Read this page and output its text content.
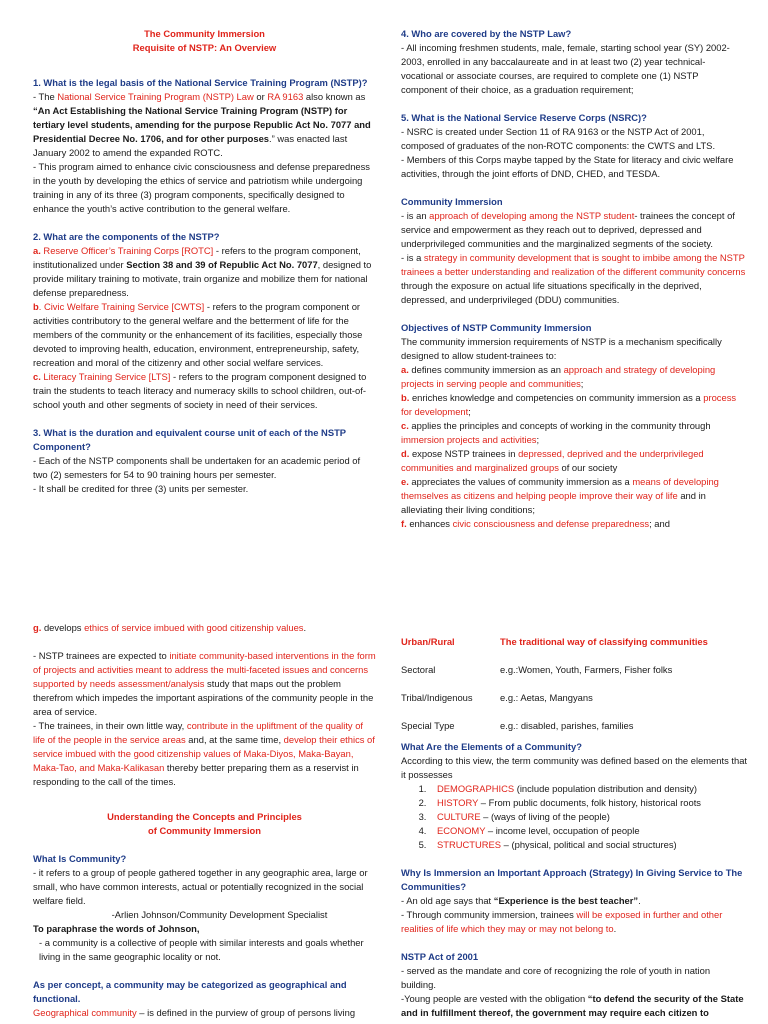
The Community Immersion

Requisite of NSTP: An Overview

1. What is the legal basis of the National Service Training Program (NSTP)?

- The National Service Training Program (NSTP) Law or RA 9163 also known as “An Act Establishing the National Service Training Program (NSTP) for tertiary level students, amending for the purpose Republic Act No. 7077 and Presidential Decree No. 1706, and for other purposes.” was enacted last January 2002 to amend the expanded ROTC.

- This program aimed to enhance civic consciousness and defense preparedness in the youth by developing the ethics of service and patriotism while undergoing training in any of its three (3) program components, specifically designed to enhance the youth’s active contribution to the general welfare.

2. What are the components of the NSTP?

a. Reserve Officer’s Training Corps [ROTC] - refers to the program component, institutionalized under Section 38 and 39 of Republic Act No. 7077, designed to provide military training to motivate, train organize and mobilize them for national defense preparedness.

b. Civic Welfare Training Service [CWTS] - refers to the program component or activities contributory to the general welfare and the betterment of life for the members of the community or the enhancement of its facilities, especially those devoted to improving health, education, environment, entrepreneurship, safety, recreation and moral of the citizenry and other social welfare services.

c. Literacy Training Service [LTS] - refers to the program component designed to train the students to teach literacy and numeracy skills to school children, out-of-school youth and other segments of society in need of their services.

3. What is the duration and equivalent course unit of each of the NSTP Component?

- Each of the NSTP components shall be undertaken for an academic period of two (2) semesters for 54 to 90 training hours per semester.

- It shall be credited for three (3) units per semester.

4. Who are covered by the NSTP Law?

- All incoming freshmen students, male, female, starting school year (SY) 2002-2003, enrolled in any baccalaureate and in at least two (2) year technical-vocational or associate courses, are required to complete one (1) NSTP component of their choice, as a graduation requirement;

5. What is the National Service Reserve Corps (NSRC)?

- NSRC is created under Section 11 of RA 9163 or the NSTP Act of 2001, composed of graduates of the non-ROTC components: the CWTS and LTS.

- Members of this Corps maybe tapped by the State for literacy and civic welfare activities, through the joint efforts of DND, CHED, and TESDA.

Community Immersion

- is an approach of developing among the NSTP student- trainees the concept of service and empowerment as they reach out to deprived, depressed and underprivileged communities and the marginalized segments of the society.

- is a strategy in community development that is sought to imbibe among the NSTP trainees a better understanding and realization of the different community concerns through the exposure on actual life situations specifically in the deprived, depressed, and underprivileged (DDU) communities.

Objectives of NSTP Community Immersion

The community immersion requirements of NSTP is a mechanism specifically designed to allow student-trainees to:

a. defines community immersion as an approach and strategy of developing projects in serving people and communities;

b. enriches knowledge and competencies on community immersion as a process for development;

c. applies the principles and concepts of working in the community through immersion projects and activities;

d. expose NSTP trainees in depressed, deprived and the underprivileged communities and marginalized groups of our society

e. appreciates the values of community immersion as a means of developing themselves as citizens and helping people improve their way of life and in alleviating their living conditions;

f. enhances civic consciousness and defense preparedness; and

g. develops ethics of service imbued with good citizenship values.

- NSTP trainees are expected to initiate community-based interventions in the form of projects and activities meant to address the multi-faceted issues and concerns supported by needs assessment/analysis study that maps out the problem therefrom which impedes the important aspirations of the community people in the area of service.

- The trainees, in their own little way, contribute in the upliftment of the quality of life of the people in the service areas and, at the same time, develop their ethics of service imbued with the good citizenship values of Maka-Diyos, Maka-Bayan, Maka-Tao, and Maka-Kalikasan thereby better preparing them as a reservist in responding to the call of the times.

Understanding the Concepts and Principles

of Community Immersion

What Is Community?

- it refers to a group of people gathered together in any geographic area, large or small, who have common interests, actual or potentially recognized in the social welfare field.

-Arlien Johnson/Community Development Specialist

To paraphrase the words of Johnson,

- a community is a collective of people with similar interests and goals whether living in the same geographic locality or not.

As per concept, a community may be categorized as geographical and functional.

Geographical community – is defined in the purview of group of persons living

Urban/Rural	The traditional way of classifying communities
Sectoral	e.g.:Women, Youth, Farmers, Fisher folks
Tribal/Indigenous	e.g.: Aetas, Mangyans
Special Type	e.g.: disabled, parishes, families

What Are the Elements of a Community?

According to this view, the term community was defined based on the elements that it possesses

1. DEMOGRAPHICS (include population distribution and density)
2. HISTORY – From public documents, folk history, historical roots
3. CULTURE – (ways of living of the people)
4. ECONOMY – income level, occupation of people
5. STRUCTURES – (physical, political and social structures)

Why Is Immersion an Important Approach (Strategy) In Giving Service to The Communities?

- An old age says that “Experience is the best teacher”.

- Through community immersion, trainees will be exposed in further and other realities of life which they may or may not belong to.

NSTP Act of 2001

- served as the mandate and core of recognizing the role of youth in nation building.

-Young people are vested with the obligation “to defend the security of the State and in fulfillment thereof, the government may require each citizen to
